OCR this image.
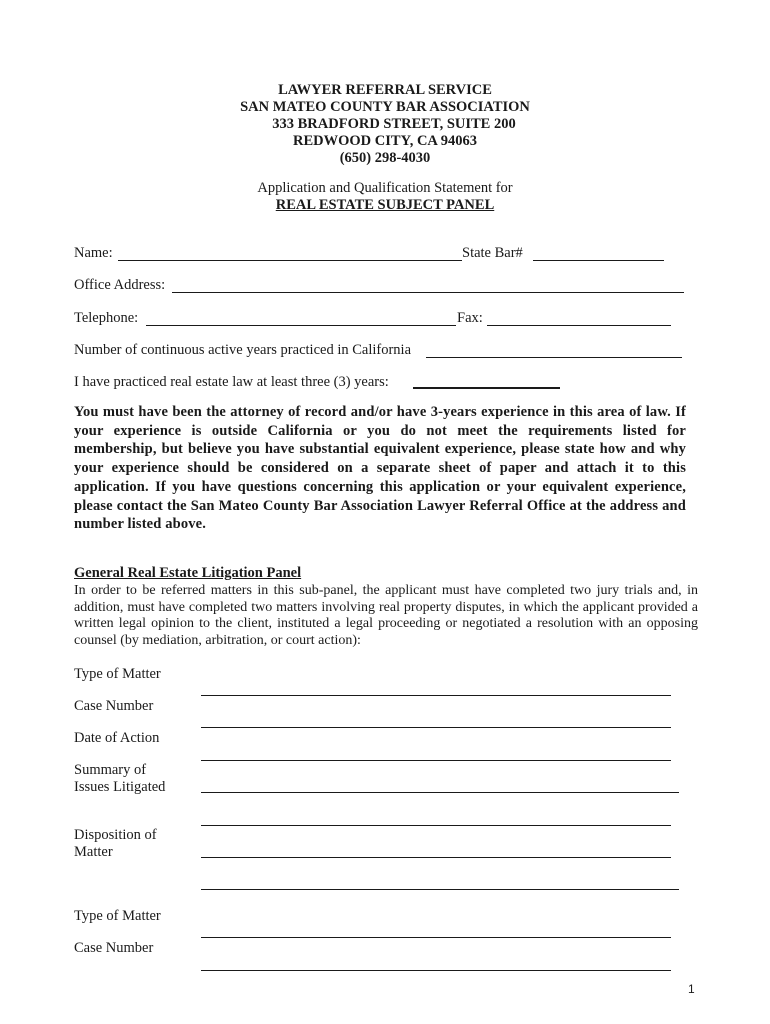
LAWYER REFERRAL SERVICE
SAN MATEO COUNTY BAR ASSOCIATION
333 BRADFORD STREET, SUITE 200
REDWOOD CITY, CA 94063
(650) 298-4030
Application and Qualification Statement for
REAL ESTATE SUBJECT PANEL
Name:	State Bar#
Office Address:
Telephone:	Fax:
Number of continuous active years practiced in California
I have practiced real estate law at least three (3) years:
You must have been the attorney of record and/or have 3-years experience in this area of law. If your experience is outside California or you do not meet the requirements listed for membership, but believe you have substantial equivalent experience, please state how and why your experience should be considered on a separate sheet of paper and attach it to this application. If you have questions concerning this application or your equivalent experience, please contact the San Mateo County Bar Association Lawyer Referral Office at the address and number listed above.
General Real Estate Litigation Panel
In order to be referred matters in this sub-panel, the applicant must have completed two jury trials and, in addition, must have completed two matters involving real property disputes, in which the applicant provided a written legal opinion to the client, instituted a legal proceeding or negotiated a resolution with an opposing counsel (by mediation, arbitration, or court action):
Type of Matter
Case Number
Date of Action
Summary of
Issues Litigated
Disposition of
Matter
Type of Matter
Case Number
1
